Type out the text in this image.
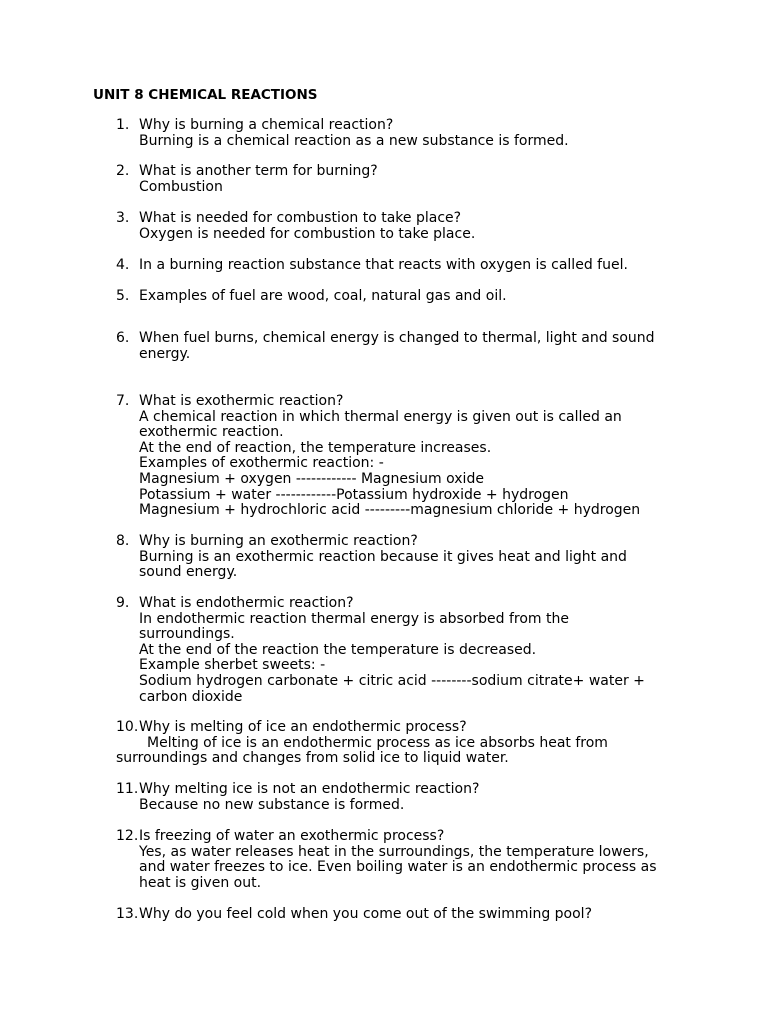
UNIT 8 CHEMICAL REACTIONS
1. Why is burning a chemical reaction?
Burning is a chemical reaction as a new substance is formed.
2. What is another term for burning?
Combustion
3. What is needed for combustion to take place?
Oxygen is needed for combustion to take place.
4. In a burning reaction substance that reacts with oxygen is called fuel.
5. Examples of fuel are wood, coal, natural gas and oil.
6. When fuel burns, chemical energy is changed to thermal, light and sound
energy.
7. What is exothermic reaction?
A chemical reaction in which thermal energy is given out is called an
exothermic reaction.
At the end of reaction, the temperature increases.
Examples of exothermic reaction: -
Magnesium + oxygen ------------ Magnesium oxide
Potassium + water ------------Potassium hydroxide + hydrogen
Magnesium + hydrochloric acid ---------magnesium chloride + hydrogen
8. Why is burning an exothermic reaction?
Burning is an exothermic reaction because it gives heat and light and
sound energy.
9. What is endothermic reaction?
In endothermic reaction thermal energy is absorbed from the
surroundings.
At the end of the reaction the temperature is decreased.
Example sherbet sweets: -
Sodium hydrogen carbonate + citric acid --------sodium citrate+ water +
carbon dioxide
10. Why is melting of ice an endothermic process?
Melting of ice is an endothermic process as ice absorbs heat from
surroundings and changes from solid ice to liquid water.
11. Why melting ice is not an endothermic reaction?
Because no new substance is formed.
12. Is freezing of water an exothermic process?
Yes, as water releases heat in the surroundings, the temperature lowers,
and water freezes to ice. Even boiling water is an endothermic process as
heat is given out.
13. Why do you feel cold when you come out of the swimming pool?
